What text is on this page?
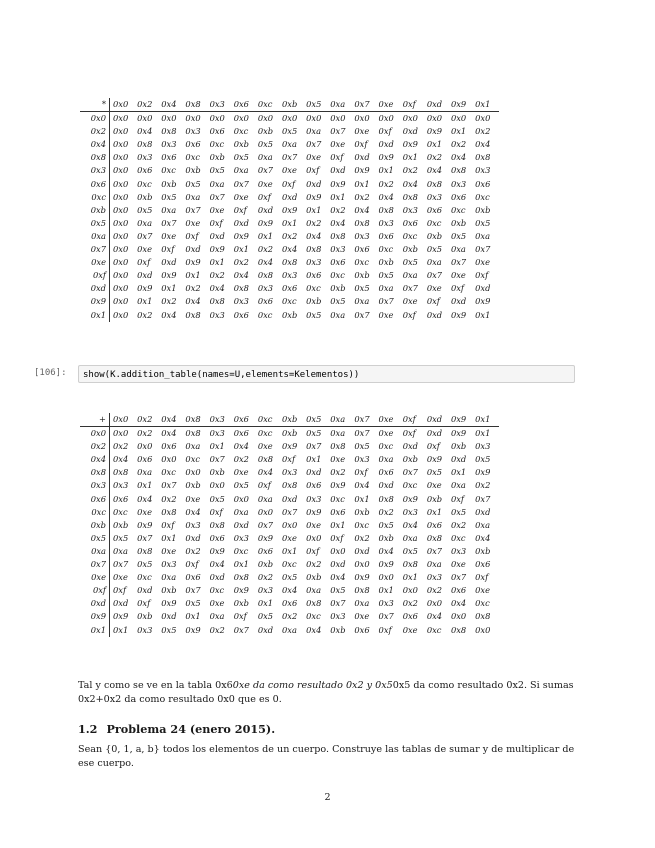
*	0x0	0x2	0x4	0x8	0x3	0x6	0xc	0xb	0x5	0xa	0x7	0xe	0xf	0xd	0x9	0x1
0x0	0x0	0x0	0x0	0x0	0x0	0x0	0x0	0x0	0x0	0x0	0x0	0x0	0x0	0x0	0x0	0x0
0x2	0x0	0x4	0x8	0x3	0x6	0xc	0xb	0x5	0xa	0x7	0xe	0xf	0xd	0x9	0x1	0x2
0x4	0x0	0x8	0x3	0x6	0xc	0xb	0x5	0xa	0x7	0xe	0xf	0xd	0x9	0x1	0x2	0x4
0x8	0x0	0x3	0x6	0xc	0xb	0x5	0xa	0x7	0xe	0xf	0xd	0x9	0x1	0x2	0x4	0x8
0x3	0x0	0x6	0xc	0xb	0x5	0xa	0x7	0xe	0xf	0xd	0x9	0x1	0x2	0x4	0x8	0x3
0x6	0x0	0xc	0xb	0x5	0xa	0x7	0xe	0xf	0xd	0x9	0x1	0x2	0x4	0x8	0x3	0x6
0xc	0x0	0xb	0x5	0xa	0x7	0xe	0xf	0xd	0x9	0x1	0x2	0x4	0x8	0x3	0x6	0xc
0xb	0x0	0x5	0xa	0x7	0xe	0xf	0xd	0x9	0x1	0x2	0x4	0x8	0x3	0x6	0xc	0xb
0x5	0x0	0xa	0x7	0xe	0xf	0xd	0x9	0x1	0x2	0x4	0x8	0x3	0x6	0xc	0xb	0x5
0xa	0x0	0x7	0xe	0xf	0xd	0x9	0x1	0x2	0x4	0x8	0x3	0x6	0xc	0xb	0x5	0xa
0x7	0x0	0xe	0xf	0xd	0x9	0x1	0x2	0x4	0x8	0x3	0x6	0xc	0xb	0x5	0xa	0x7
0xe	0x0	0xf	0xd	0x9	0x1	0x2	0x4	0x8	0x3	0x6	0xc	0xb	0x5	0xa	0x7	0xe
0xf	0x0	0xd	0x9	0x1	0x2	0x4	0x8	0x3	0x6	0xc	0xb	0x5	0xa	0x7	0xe	0xf
0xd	0x0	0x9	0x1	0x2	0x4	0x8	0x3	0x6	0xc	0xb	0x5	0xa	0x7	0xe	0xf	0xd
0x9	0x0	0x1	0x2	0x4	0x8	0x3	0x6	0xc	0xb	0x5	0xa	0x7	0xe	0xf	0xd	0x9
0x1	0x0	0x2	0x4	0x8	0x3	0x6	0xc	0xb	0x5	0xa	0x7	0xe	0xf	0xd	0x9	0x1
[106]:	show(K.addition_table(names=U,elements=Kelementos))
+	0x0	0x2	0x4	0x8	0x3	0x6	0xc	0xb	0x5	0xa	0x7	0xe	0xf	0xd	0x9	0x1
0x0	0x0	0x2	0x4	0x8	0x3	0x6	0xc	0xb	0x5	0xa	0x7	0xe	0xf	0xd	0x9	0x1
0x2	0x2	0x0	0x6	0xa	0x1	0x4	0xe	0x9	0x7	0x8	0x5	0xc	0xd	0xf	0xb	0x3
0x4	0x4	0x6	0x0	0xc	0x7	0x2	0x8	0xf	0x1	0xe	0x3	0xa	0xb	0x9	0xd	0x5
0x8	0x8	0xa	0xc	0x0	0xb	0xe	0x4	0x3	0xd	0x2	0xf	0x6	0x7	0x5	0x1	0x9
0x3	0x3	0x1	0x7	0xb	0x0	0x5	0xf	0x8	0x6	0x9	0x4	0xd	0xc	0xe	0xa	0x2
0x6	0x6	0x4	0x2	0xe	0x5	0x0	0xa	0xd	0x3	0xc	0x1	0x8	0x9	0xb	0xf	0x7
0xc	0xc	0xe	0x8	0x4	0xf	0xa	0x0	0x7	0x9	0x6	0xb	0x2	0x3	0x1	0x5	0xd
0xb	0xb	0x9	0xf	0x3	0x8	0xd	0x7	0x0	0xe	0x1	0xc	0x5	0x4	0x6	0x2	0xa
0x5	0x5	0x7	0x1	0xd	0x6	0x3	0x9	0xe	0x0	0xf	0x2	0xb	0xa	0x8	0xc	0x4
0xa	0xa	0x8	0xe	0x2	0x9	0xc	0x6	0x1	0xf	0x0	0xd	0x4	0x5	0x7	0x3	0xb
0x7	0x7	0x5	0x3	0xf	0x4	0x1	0xb	0xc	0x2	0xd	0x0	0x9	0x8	0xa	0xe	0x6
0xe	0xe	0xc	0xa	0x6	0xd	0x8	0x2	0x5	0xb	0x4	0x9	0x0	0x1	0x3	0x7	0xf
0xf	0xf	0xd	0xb	0x7	0xc	0x9	0x3	0x4	0xa	0x5	0x8	0x1	0x0	0x2	0x6	0xe
0xd	0xd	0xf	0x9	0x5	0xe	0xb	0x1	0x6	0x8	0x7	0xa	0x3	0x2	0x0	0x4	0xc
0x9	0x9	0xb	0xd	0x1	0xa	0xf	0x5	0x2	0xc	0x3	0xe	0x7	0x6	0x4	0x0	0x8
0x1	0x1	0x3	0x5	0x9	0x2	0x7	0xd	0xa	0x4	0xb	0x6	0xf	0xe	0xc	0x8	0x0
Tal y como se ve en la tabla 0x60xe da como resultado 0x2 y 0x50x5 da como resultado 0x2. Si sumas 0x2+0x2 da como resultado 0x0 que es 0.
1.2 Problema 24 (enero 2015).
Sean {0, 1, a, b} todos los elementos de un cuerpo. Construye las tablas de sumar y de multiplicar de ese cuerpo.
2
